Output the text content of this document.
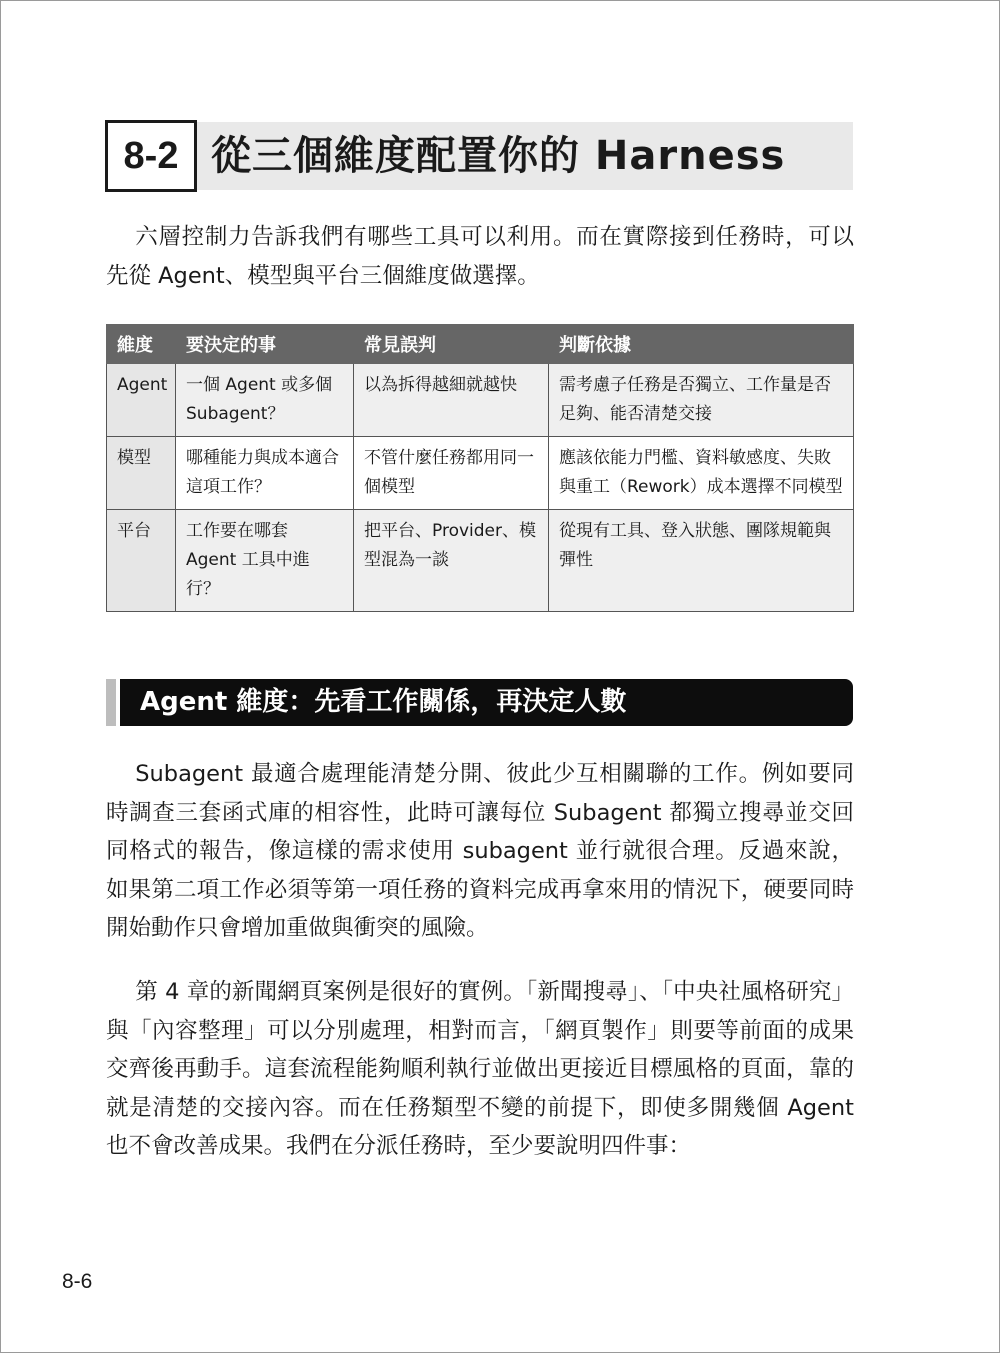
8-2 從三個維度配置你的 Harness

六層控制力告訴我們有哪些工具可以利用。而在實際接到任務時，可以先從 Agent、模型與平台三個維度做選擇。

維度	要決定的事	常見誤判	判斷依據
Agent	一個 Agent 或多個 Subagent？	以為拆得越細就越快	需考慮子任務是否獨立、工作量是否足夠、能否清楚交接
模型	哪種能力與成本適合這項工作？	不管什麼任務都用同一個模型	應該依能力門檻、資料敏感度、失敗與重工（Rework）成本選擇不同模型
平台	工作要在哪套 Agent 工具中進行？	把平台、Provider、模型混為一談	從現有工具、登入狀態、團隊規範與彈性
Agent 維度：先看工作關係，再決定人數

Subagent 最適合處理能清楚分開、彼此少互相關聯的工作。例如要同時調查三套函式庫的相容性，此時可讓每位 Subagent 都獨立搜尋並交回同格式的報告，像這樣的需求使用 subagent 並行就很合理。反過來說，如果第二項工作必須等第一項任務的資料完成再拿來用的情況下，硬要同時開始動作只會增加重做與衝突的風險。

第 4 章的新聞網頁案例是很好的實例。「新聞搜尋」、「中央社風格研究」與「內容整理」可以分別處理，相對而言，「網頁製作」則要等前面的成果交齊後再動手。這套流程能夠順利執行並做出更接近目標風格的頁面，靠的就是清楚的交接內容。而在任務類型不變的前提下，即使多開幾個 Agent 也不會改善成果。我們在分派任務時，至少要說明四件事：

8-6
